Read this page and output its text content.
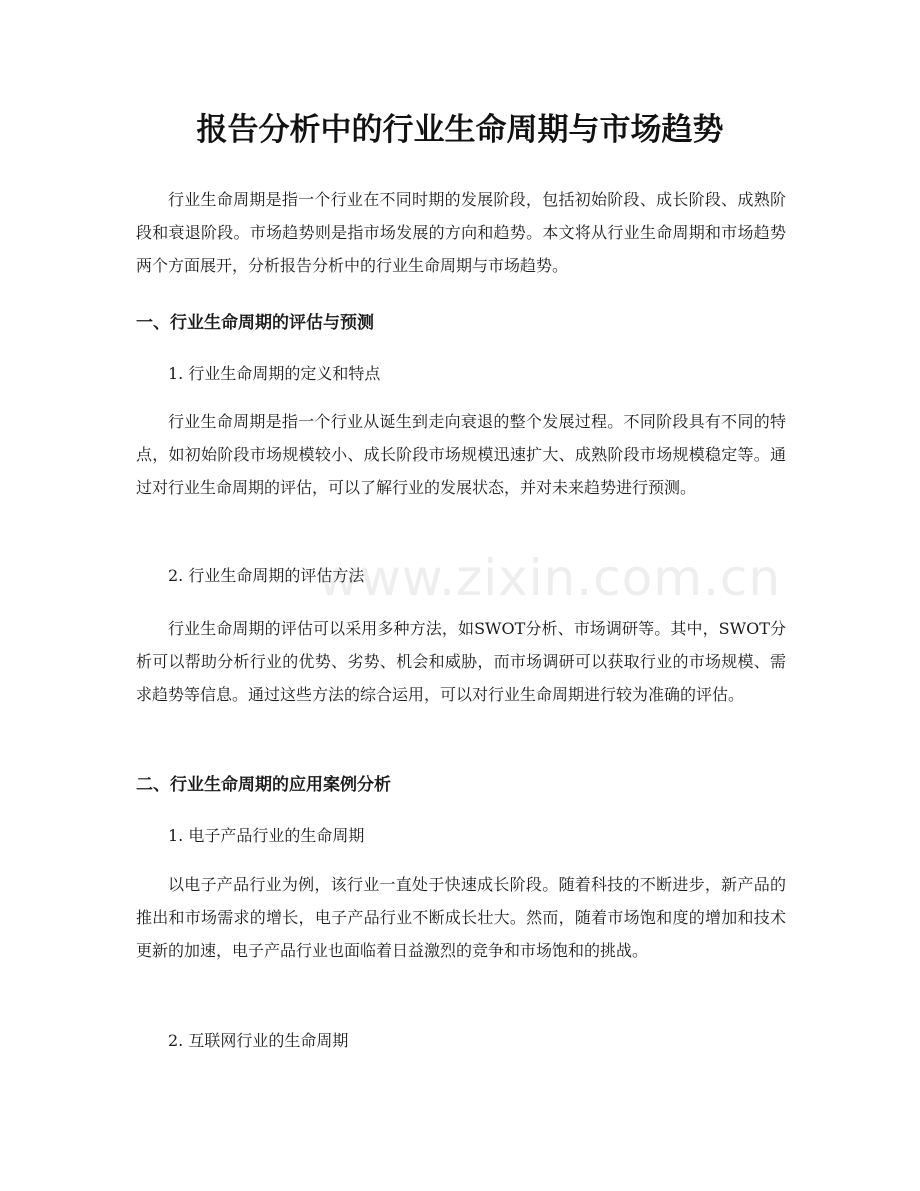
报告分析中的行业生命周期与市场趋势

行业生命周期是指一个行业在不同时期的发展阶段，包括初始阶段、成长阶段、成熟阶段和衰退阶段。市场趋势则是指市场发展的方向和趋势。本文将从行业生命周期和市场趋势两个方面展开，分析报告分析中的行业生命周期与市场趋势。

一、行业生命周期的评估与预测
1. 行业生命周期的定义和特点

行业生命周期是指一个行业从诞生到走向衰退的整个发展过程。不同阶段具有不同的特点，如初始阶段市场规模较小、成长阶段市场规模迅速扩大、成熟阶段市场规模稳定等。通过对行业生命周期的评估，可以了解行业的发展状态，并对未来趋势进行预测。

2. 行业生命周期的评估方法

行业生命周期的评估可以采用多种方法，如SWOT分析、市场调研等。其中，SWOT分析可以帮助分析行业的优势、劣势、机会和威胁，而市场调研可以获取行业的市场规模、需求趋势等信息。通过这些方法的综合运用，可以对行业生命周期进行较为准确的评估。

二、行业生命周期的应用案例分析
1. 电子产品行业的生命周期

以电子产品行业为例，该行业一直处于快速成长阶段。随着科技的不断进步，新产品的推出和市场需求的增长，电子产品行业不断成长壮大。然而，随着市场饱和度的增加和技术更新的加速，电子产品行业也面临着日益激烈的竞争和市场饱和的挑战。

2. 互联网行业的生命周期
www.zixin.com.cn
